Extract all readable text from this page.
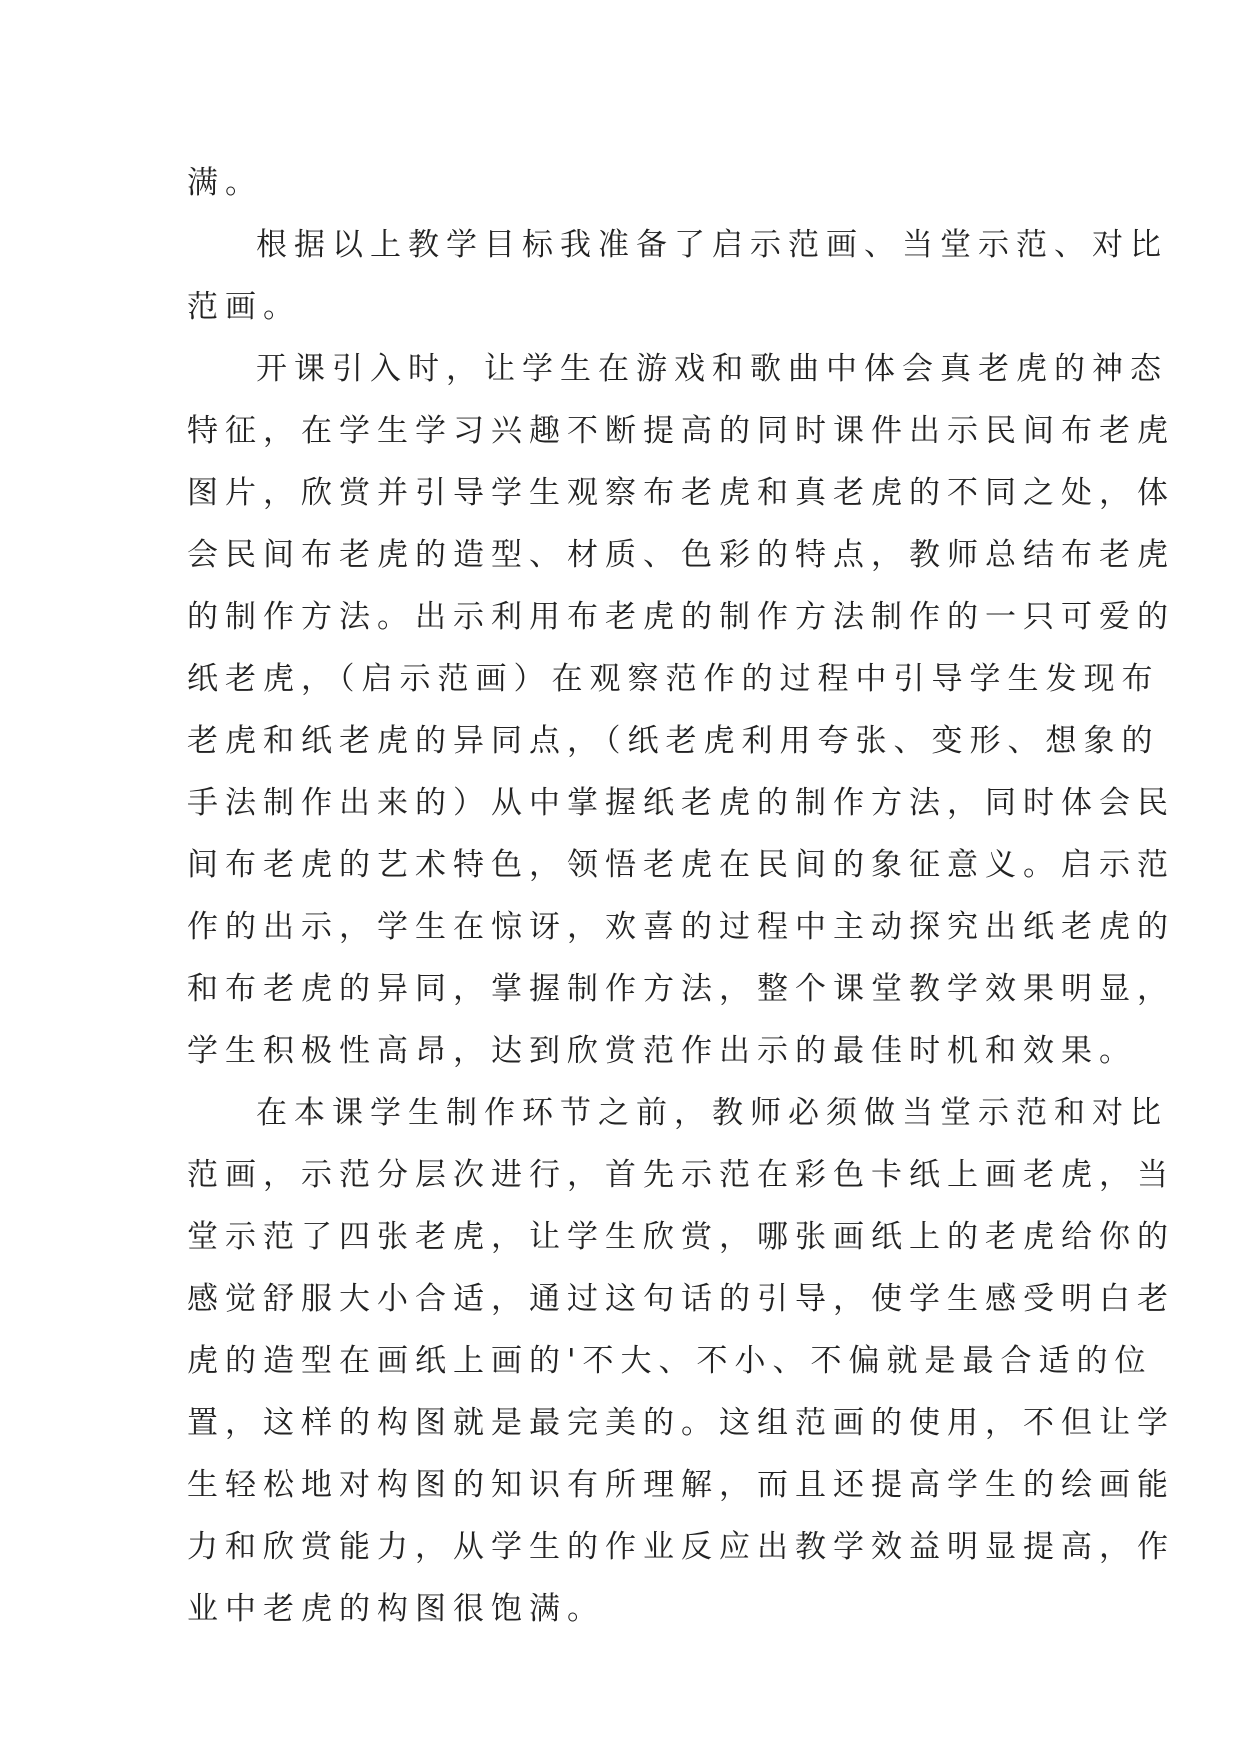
满。
根据以上教学目标我准备了启示范画、当堂示范、对比
范画。
开课引入时，让学生在游戏和歌曲中体会真老虎的神态
特征，在学生学习兴趣不断提高的同时课件出示民间布老虎
图片，欣赏并引导学生观察布老虎和真老虎的不同之处，体
会民间布老虎的造型、材质、色彩的特点，教师总结布老虎
的制作方法。出示利用布老虎的制作方法制作的一只可爱的
纸老虎，（启示范画）在观察范作的过程中引导学生发现布
老虎和纸老虎的异同点，（纸老虎利用夸张、变形、想象的
手法制作出来的）从中掌握纸老虎的制作方法，同时体会民
间布老虎的艺术特色，领悟老虎在民间的象征意义。启示范
作的出示，学生在惊讶，欢喜的过程中主动探究出纸老虎的
和布老虎的异同，掌握制作方法，整个课堂教学效果明显，
学生积极性高昂，达到欣赏范作出示的最佳时机和效果。
在本课学生制作环节之前，教师必须做当堂示范和对比
范画，示范分层次进行，首先示范在彩色卡纸上画老虎，当
堂示范了四张老虎，让学生欣赏，哪张画纸上的老虎给你的
感觉舒服大小合适，通过这句话的引导，使学生感受明白老
虎的造型在画纸上画的'不大、不小、不偏就是最合适的位
置，这样的构图就是最完美的。这组范画的使用，不但让学
生轻松地对构图的知识有所理解，而且还提高学生的绘画能
力和欣赏能力，从学生的作业反应出教学效益明显提高，作
业中老虎的构图很饱满。
